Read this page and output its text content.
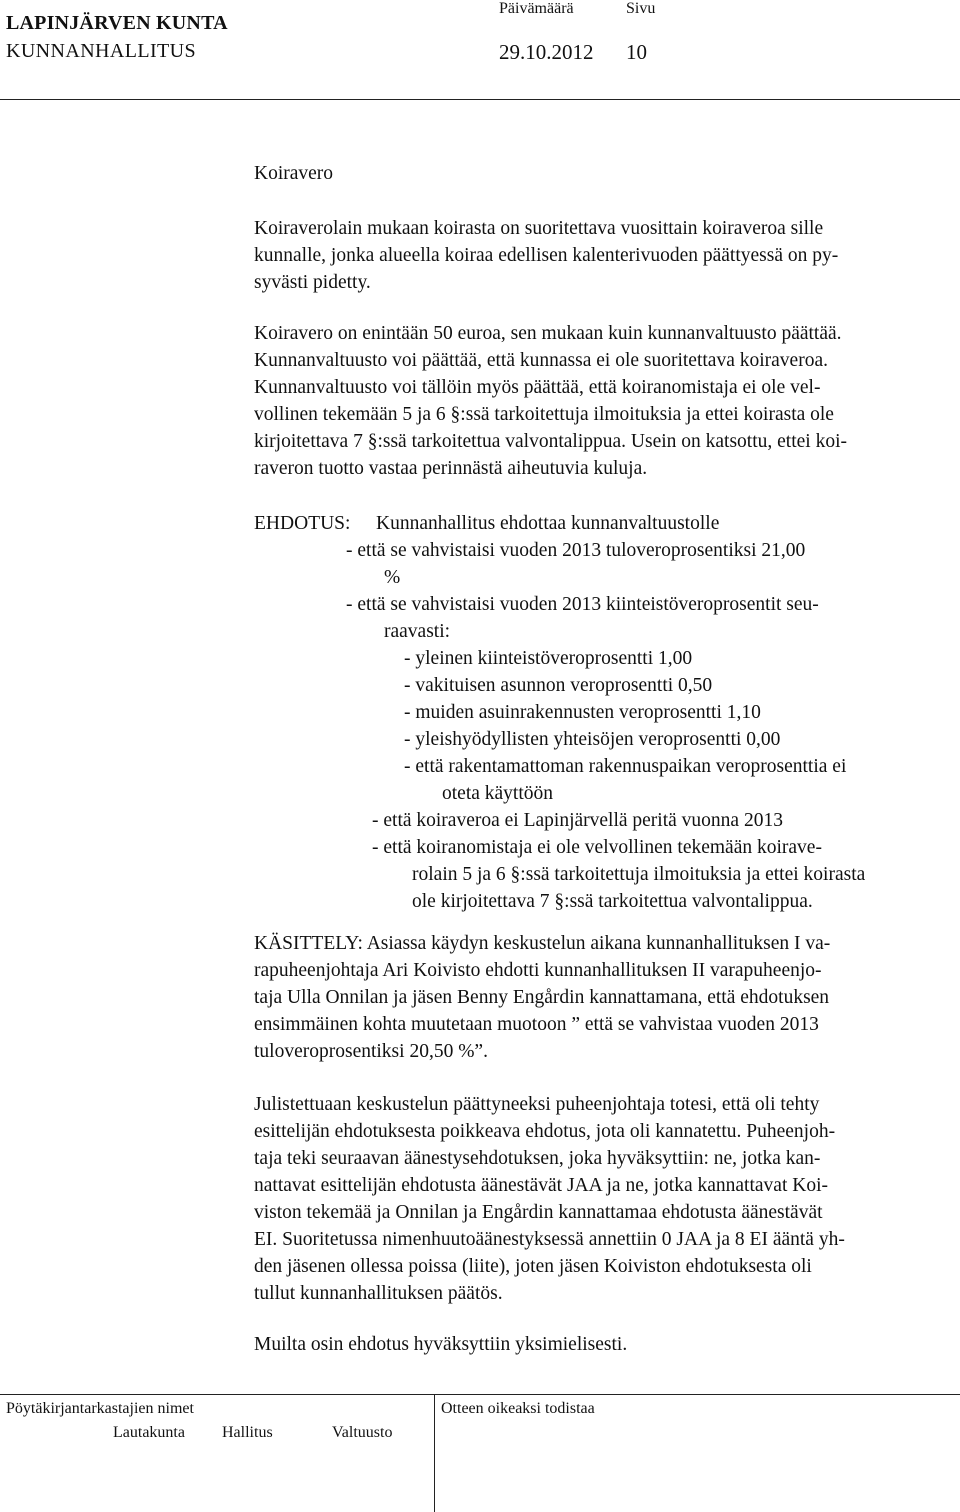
LAPINJÄRVEN KUNTA
KUNNANHALLITUS
Päivämäärä	Sivu
29.10.2012 10
Koiravero
Koiraverolain mukaan koirasta on suoritettava vuosittain koiraveroa sille
kunnalle, jonka alueella koiraa edellisen kalenterivuoden päättyessä on py-
syvästi pidetty.
Koiravero on enintään 50 euroa, sen mukaan kuin kunnanvaltuusto päättää.
Kunnanvaltuusto voi päättää, että kunnassa ei ole suoritettava koiraveroa.
Kunnanvaltuusto voi tällöin myös päättää, että koiranomistaja ei ole vel-
vollinen tekemään 5 ja 6 §:ssä tarkoitettuja ilmoituksia ja ettei koirasta ole
kirjoitettava 7 §:ssä tarkoitettua valvontalippua. Usein on katsottu, ettei koi-
raveron tuotto vastaa perinnästä aiheutuvia kuluja.
EHDOTUS: Kunnanhallitus ehdottaa kunnanvaltuustolle
- että se vahvistaisi vuoden 2013 tuloveroprosentiksi 21,00
%
- että se vahvistaisi vuoden 2013 kiinteistöveroprosentit seu-
raavasti:
- yleinen kiinteistöveroprosentti 1,00
- vakituisen asunnon veroprosentti 0,50
- muiden asuinrakennusten veroprosentti 1,10
- yleishyödyllisten yhteisöjen veroprosentti 0,00
- että rakentamattoman rakennuspaikan veroprosenttia ei
oteta käyttöön
- että koiraveroa ei Lapinjärvellä peritä vuonna 2013
- että koiranomistaja ei ole velvollinen tekemään koirave-
rolain 5 ja 6 §:ssä tarkoitettuja ilmoituksia ja ettei koirasta
ole kirjoitettava 7 §:ssä tarkoitettua valvontalippua.
KÄSITTELY: Asiassa käydyn keskustelun aikana kunnanhallituksen I va-
rapuheenjohtaja Ari Koivisto ehdotti kunnanhallituksen II varapuheenjo-
taja Ulla Onnilan ja jäsen Benny Engårdin kannattamana, että ehdotuksen
ensimmäinen kohta muutetaan muotoon ” että se vahvistaa vuoden 2013
tuloveroprosentiksi 20,50 %”.
Julistettuaan keskustelun päättyneeksi puheenjohtaja totesi, että oli tehty
esittelijän ehdotuksesta poikkeava ehdotus, jota oli kannatettu. Puheenjoh-
taja teki seuraavan äänestysehdotuksen, joka hyväksyttiin: ne, jotka kan-
nattavat esittelijän ehdotusta äänestävät JAA ja ne, jotka kannattavat Koi-
viston tekemää ja Onnilan ja Engårdin kannattamaa ehdotusta äänestävät
EI. Suoritetussa nimenhuutoäänestyksessä annettiin 0 JAA ja 8 EI ääntä yh-
den jäsenen ollessa poissa (liite), joten jäsen Koiviston ehdotuksesta oli
tullut kunnanhallituksen päätös.
Muilta osin ehdotus hyväksyttiin yksimielisesti.
Pöytäkirjantarkastajien nimet	Otteen oikeaksi todistaa
Lautakunta Hallitus	Valtuusto
